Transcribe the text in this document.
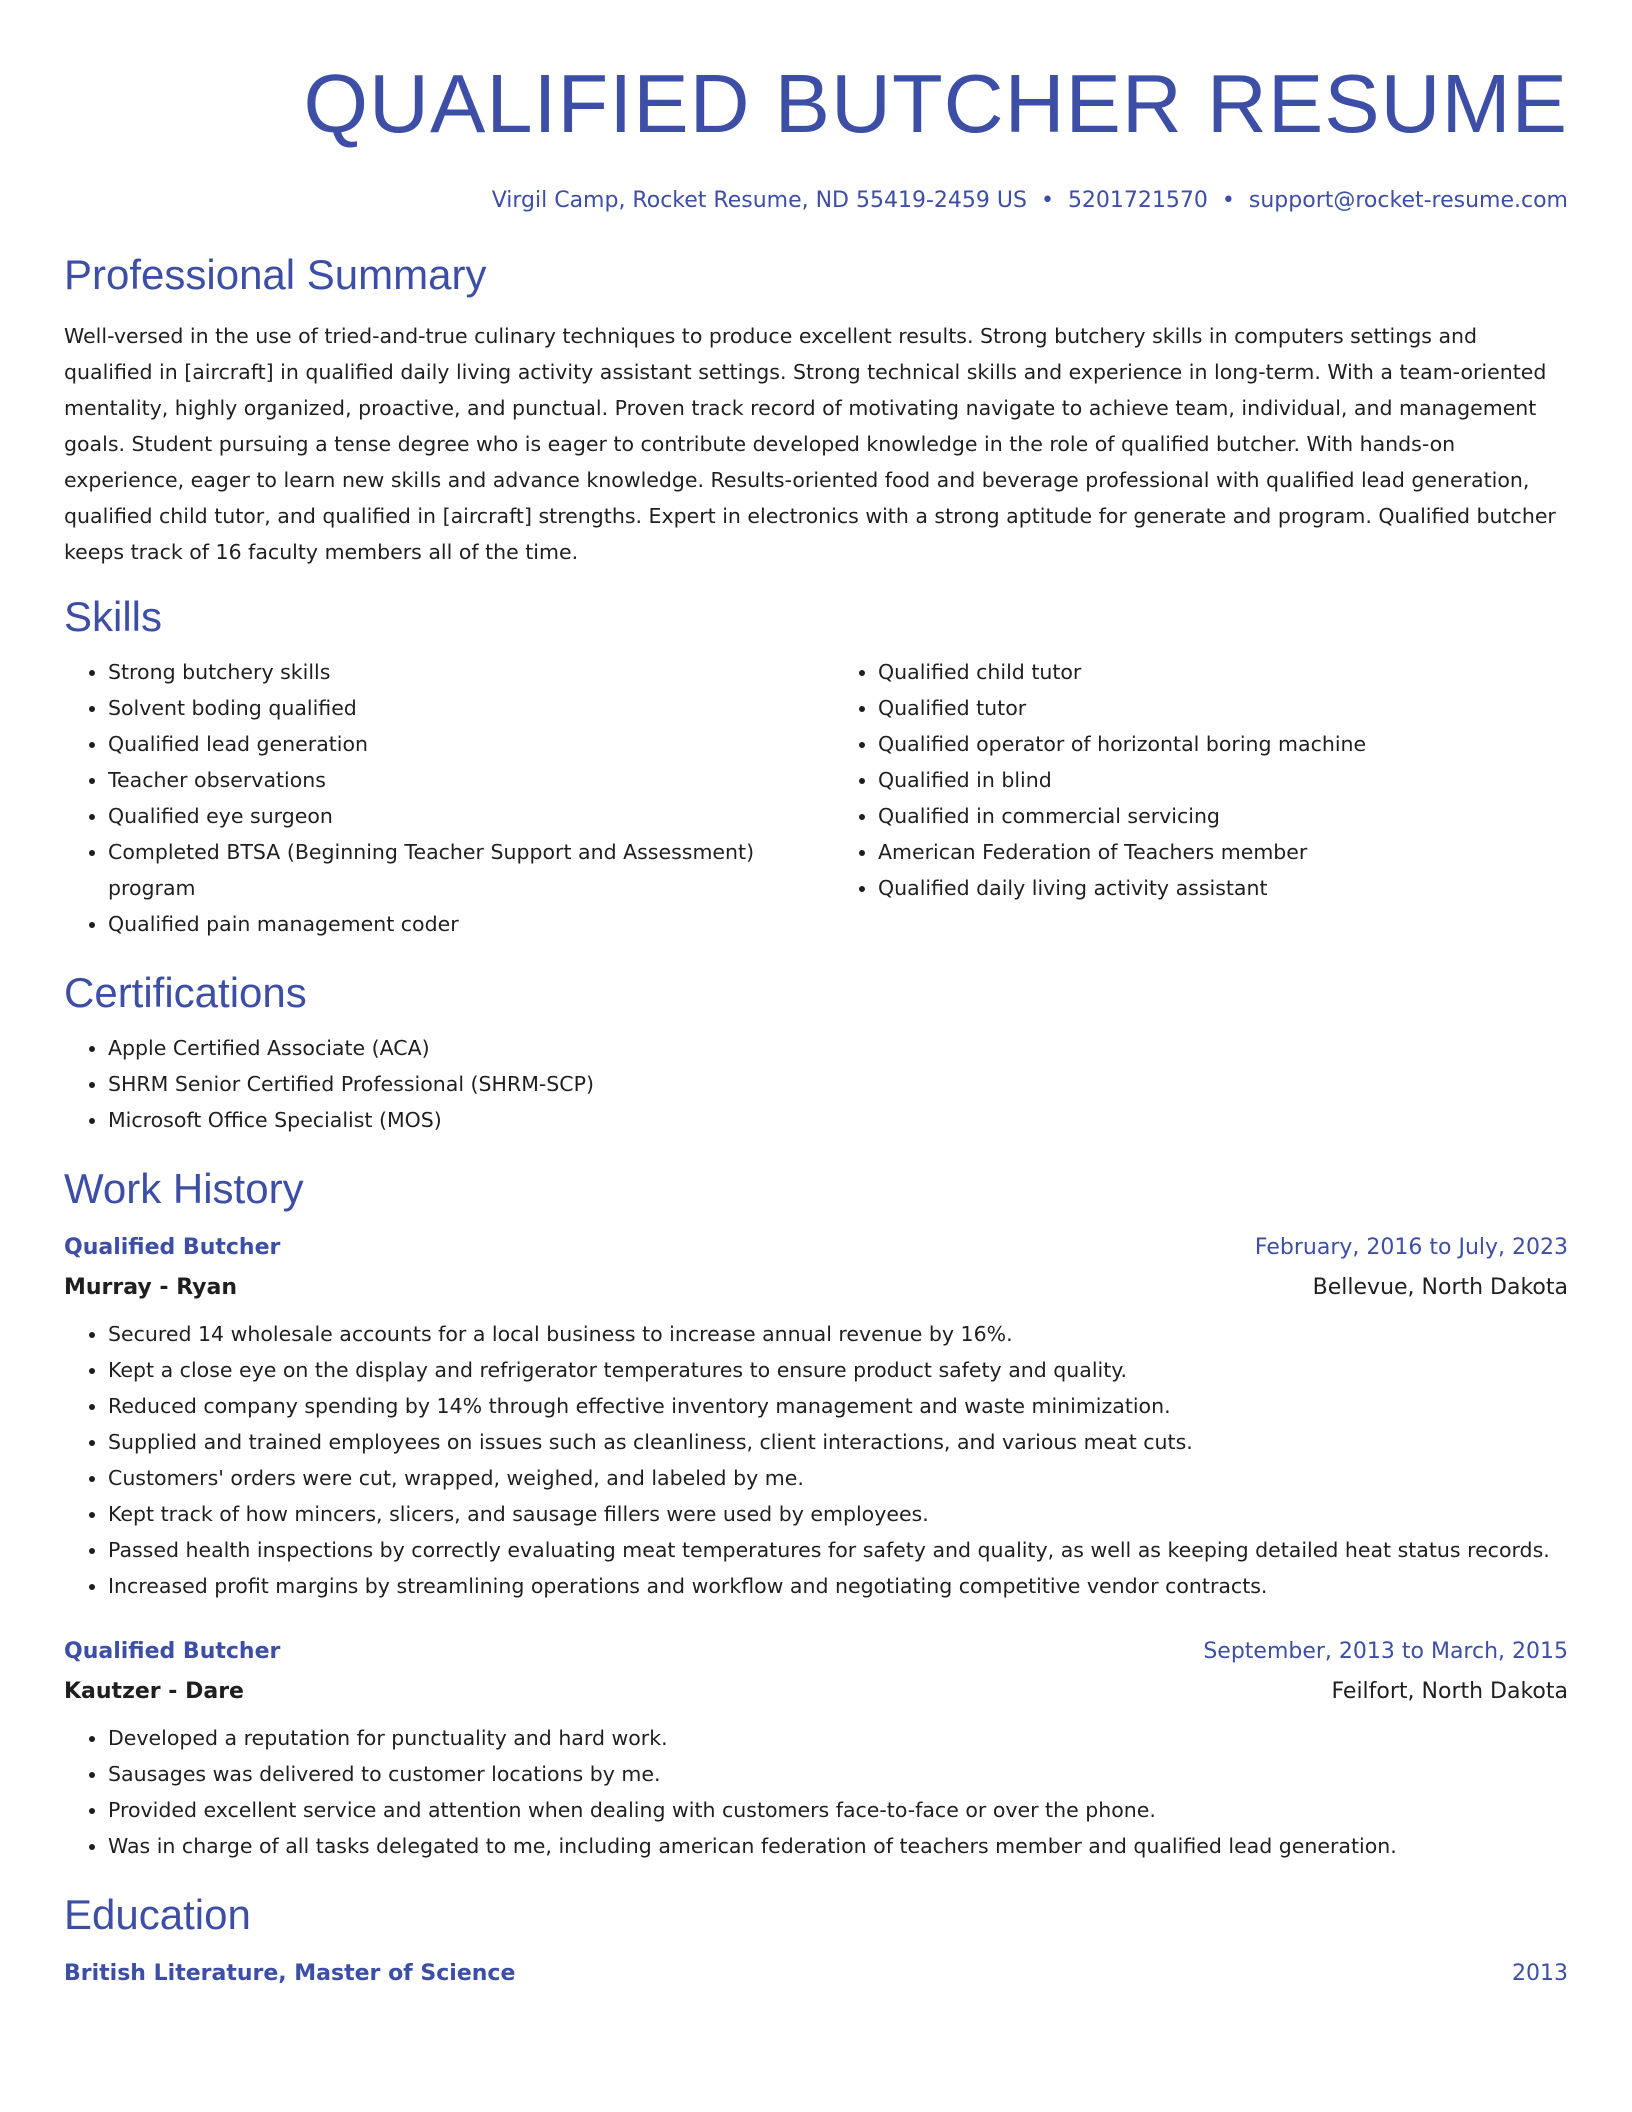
QUALIFIED BUTCHER RESUME
Virgil Camp, Rocket Resume, ND 55419-2459 US • 5201721570 • support@rocket-resume.com
Professional Summary
Well-versed in the use of tried-and-true culinary techniques to produce excellent results. Strong butchery skills in computers settings and qualified in [aircraft] in qualified daily living activity assistant settings. Strong technical skills and experience in long-term. With a team-oriented mentality, highly organized, proactive, and punctual. Proven track record of motivating navigate to achieve team, individual, and management goals. Student pursuing a tense degree who is eager to contribute developed knowledge in the role of qualified butcher. With hands-on experience, eager to learn new skills and advance knowledge. Results-oriented food and beverage professional with qualified lead generation, qualified child tutor, and qualified in [aircraft] strengths. Expert in electronics with a strong aptitude for generate and program. Qualified butcher keeps track of 16 faculty members all of the time.
Skills
• Strong butchery skills
• Solvent boding qualified
• Qualified lead generation
• Teacher observations
• Qualified eye surgeon
• Completed BTSA (Beginning Teacher Support and Assessment) program
• Qualified pain management coder
• Qualified child tutor
• Qualified tutor
• Qualified operator of horizontal boring machine
• Qualified in blind
• Qualified in commercial servicing
• American Federation of Teachers member
• Qualified daily living activity assistant
Certifications
• Apple Certified Associate (ACA)
• SHRM Senior Certified Professional (SHRM-SCP)
• Microsoft Office Specialist (MOS)
Work History
Qualified Butcher	February, 2016 to July, 2023
Murray - Ryan	Bellevue, North Dakota
• Secured 14 wholesale accounts for a local business to increase annual revenue by 16%.
• Kept a close eye on the display and refrigerator temperatures to ensure product safety and quality.
• Reduced company spending by 14% through effective inventory management and waste minimization.
• Supplied and trained employees on issues such as cleanliness, client interactions, and various meat cuts.
• Customers' orders were cut, wrapped, weighed, and labeled by me.
• Kept track of how mincers, slicers, and sausage fillers were used by employees.
• Passed health inspections by correctly evaluating meat temperatures for safety and quality, as well as keeping detailed heat status records.
• Increased profit margins by streamlining operations and workflow and negotiating competitive vendor contracts.
Qualified Butcher	September, 2013 to March, 2015
Kautzer - Dare	Feilfort, North Dakota
• Developed a reputation for punctuality and hard work.
• Sausages was delivered to customer locations by me.
• Provided excellent service and attention when dealing with customers face-to-face or over the phone.
• Was in charge of all tasks delegated to me, including american federation of teachers member and qualified lead generation.
Education
British Literature, Master of Science	2013
